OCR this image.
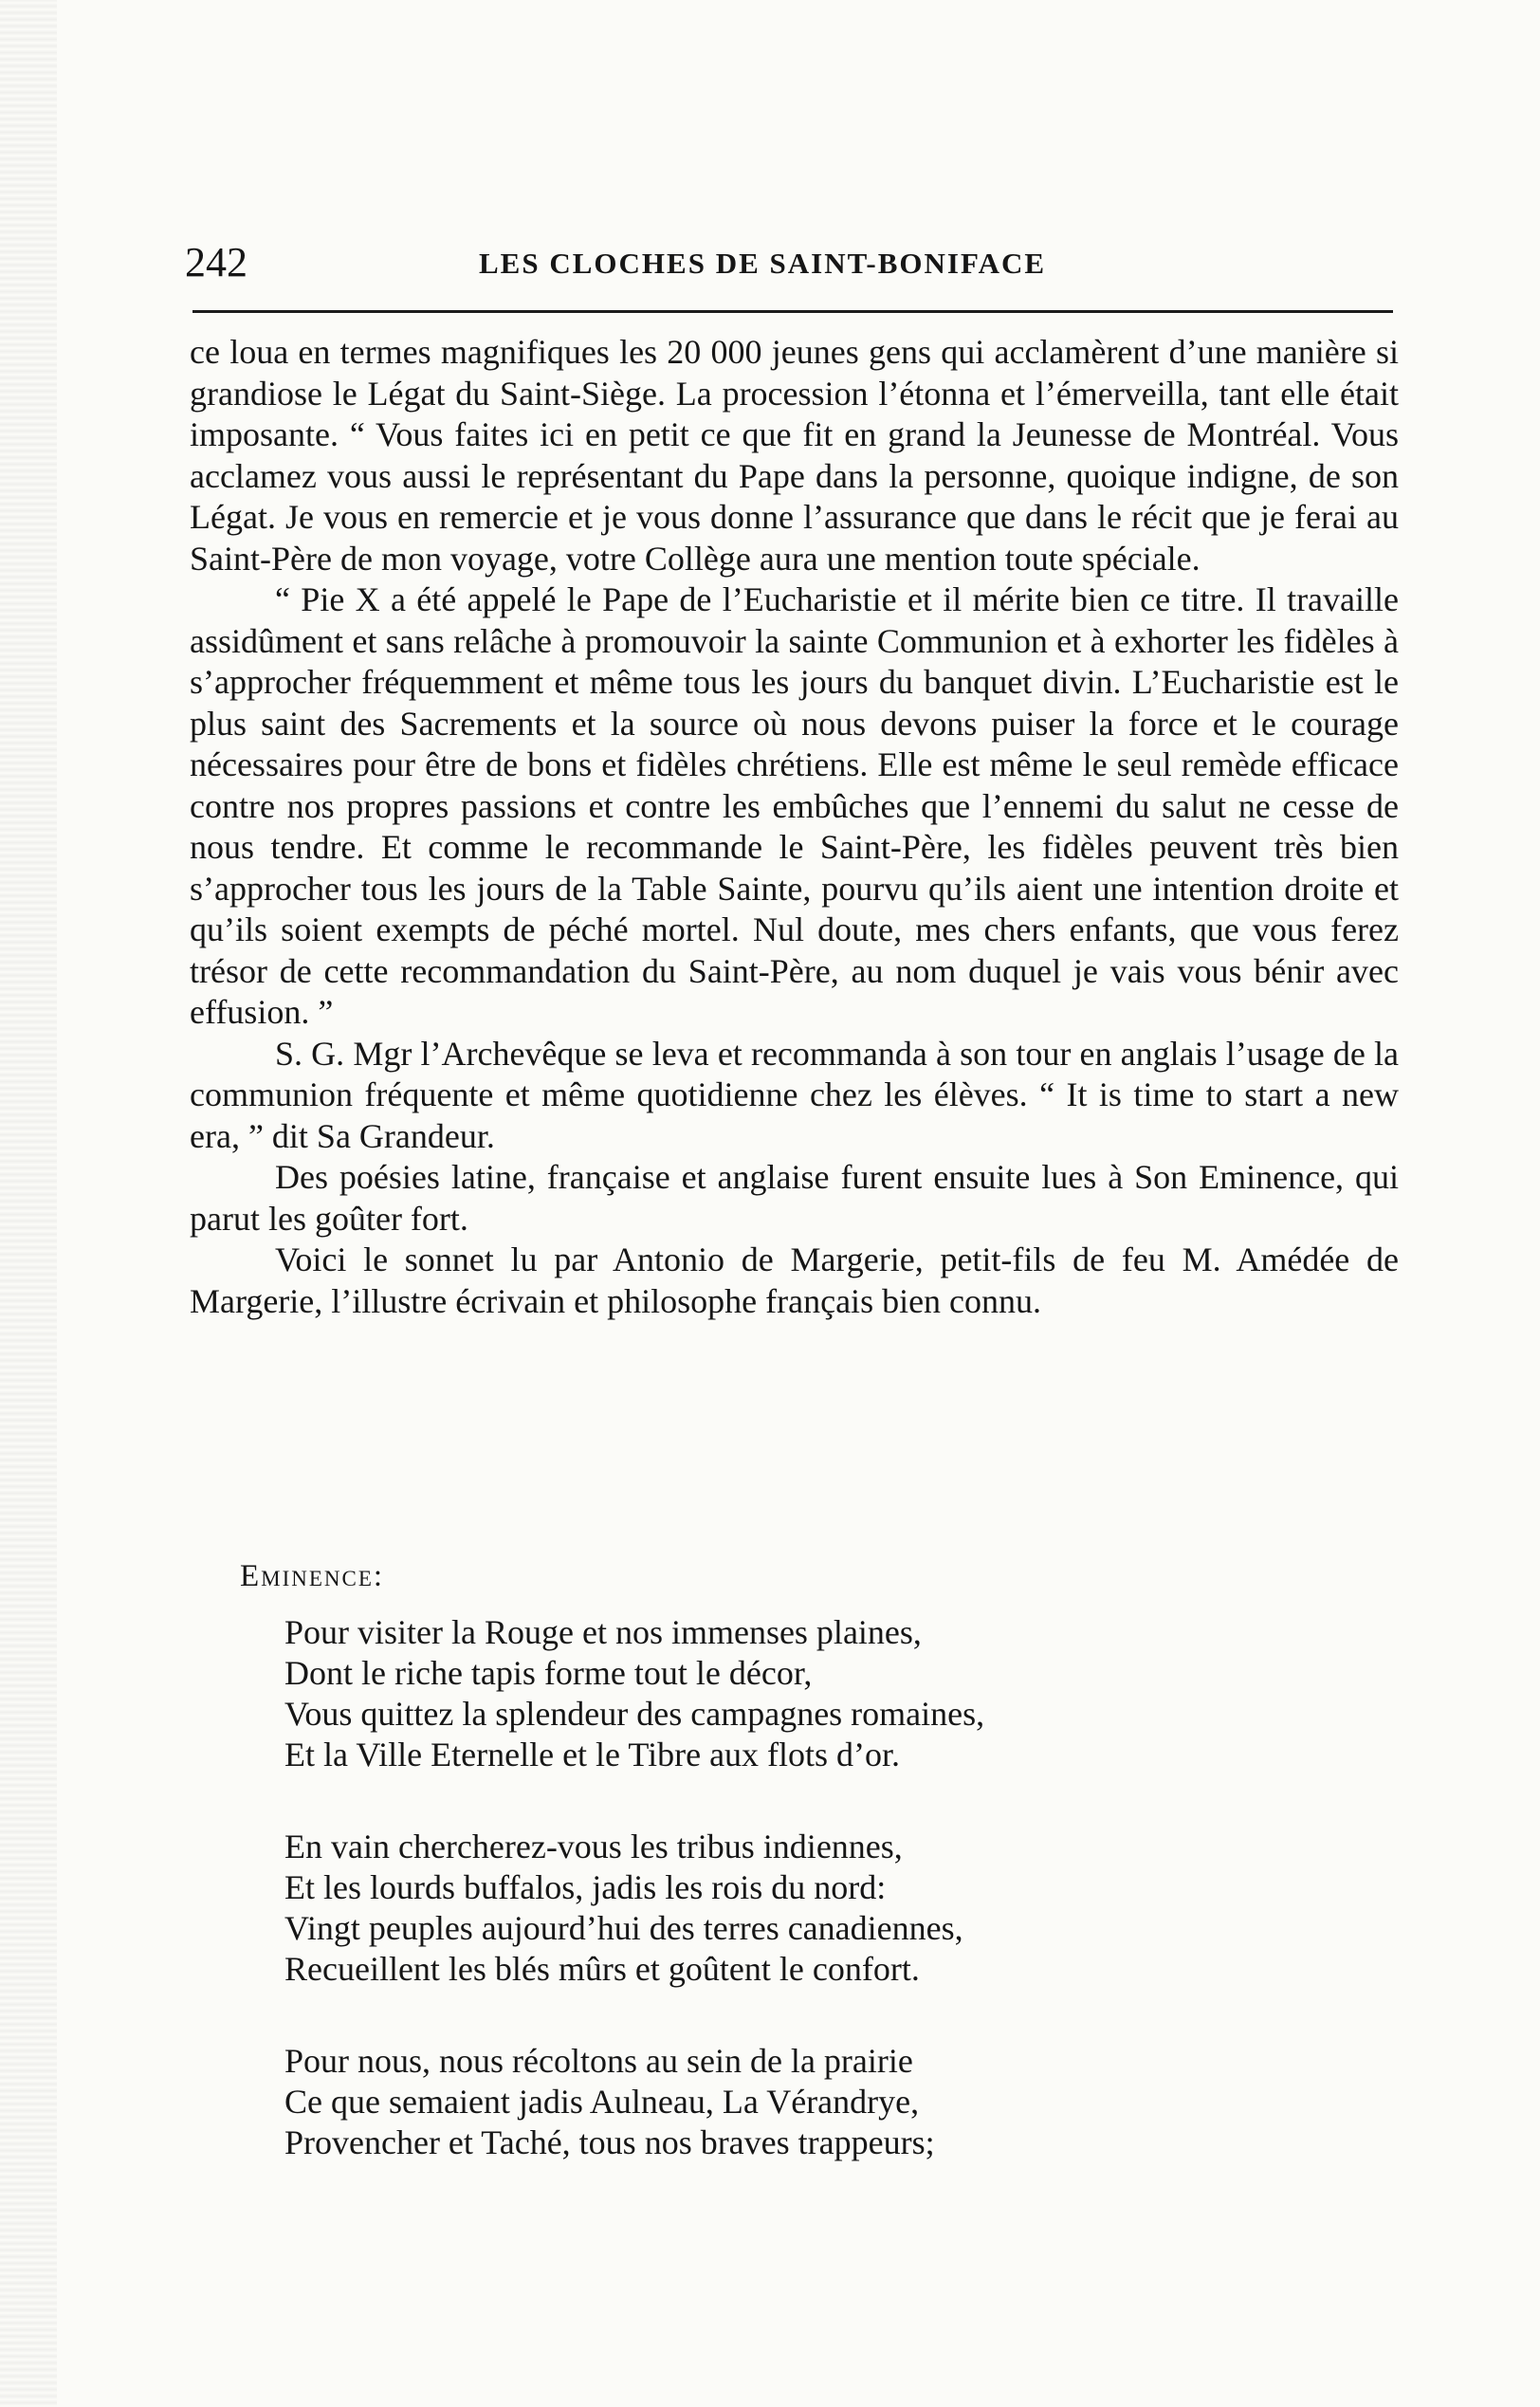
242	LES CLOCHES DE SAINT-BONIFACE

ce loua en termes magnifiques les 20 000 jeunes gens qui acclamèrent d’une manière si grandiose le Légat du Saint-Siège. La procession l’étonna et l’émerveilla, tant elle était imposante. “ Vous faites ici en petit ce que fit en grand la Jeunesse de Montréal. Vous acclamez vous aussi le représentant du Pape dans la personne, quoique indigne, de son Légat. Je vous en remercie et je vous donne l’assurance que dans le récit que je ferai au Saint-Père de mon voyage, votre Collège aura une mention toute spéciale.

“ Pie X a été appelé le Pape de l’Eucharistie et il mérite bien ce titre. Il travaille assidûment et sans relâche à promouvoir la sainte Communion et à exhorter les fidèles à s’approcher fréquemment et même tous les jours du banquet divin. L’Eucharistie est le plus saint des Sacrements et la source où nous devons puiser la force et le courage nécessaires pour être de bons et fidèles chrétiens. Elle est même le seul remède efficace contre nos propres passions et contre les embûches que l’ennemi du salut ne cesse de nous tendre. Et comme le recommande le Saint-Père, les fidèles peuvent très bien s’approcher tous les jours de la Table Sainte, pourvu qu’ils aient une intention droite et qu’ils soient exempts de péché mortel. Nul doute, mes chers enfants, que vous ferez trésor de cette recommandation du Saint-Père, au nom duquel je vais vous bénir avec effusion. ”

S. G. Mgr l’Archevêque se leva et recommanda à son tour en anglais l’usage de la communion fréquente et même quotidienne chez les élèves. “ It is time to start a new era, ” dit Sa Grandeur.

Des poésies latine, française et anglaise furent ensuite lues à Son Eminence, qui parut les goûter fort.

Voici le sonnet lu par Antonio de Margerie, petit-fils de feu M. Amédée de Margerie, l’illustre écrivain et philosophe français bien connu.

Eminence:
Pour visiter la Rouge et nos immenses plaines,
Dont le riche tapis forme tout le décor,
Vous quittez la splendeur des campagnes romaines,
Et la Ville Eternelle et le Tibre aux flots d’or.
En vain chercherez-vous les tribus indiennes,
Et les lourds buffalos, jadis les rois du nord:
Vingt peuples aujourd’hui des terres canadiennes,
Recueillent les blés mûrs et goûtent le confort.
Pour nous, nous récoltons au sein de la prairie
Ce que semaient jadis Aulneau, La Vérandrye,
Provencher et Taché, tous nos braves trappeurs;
